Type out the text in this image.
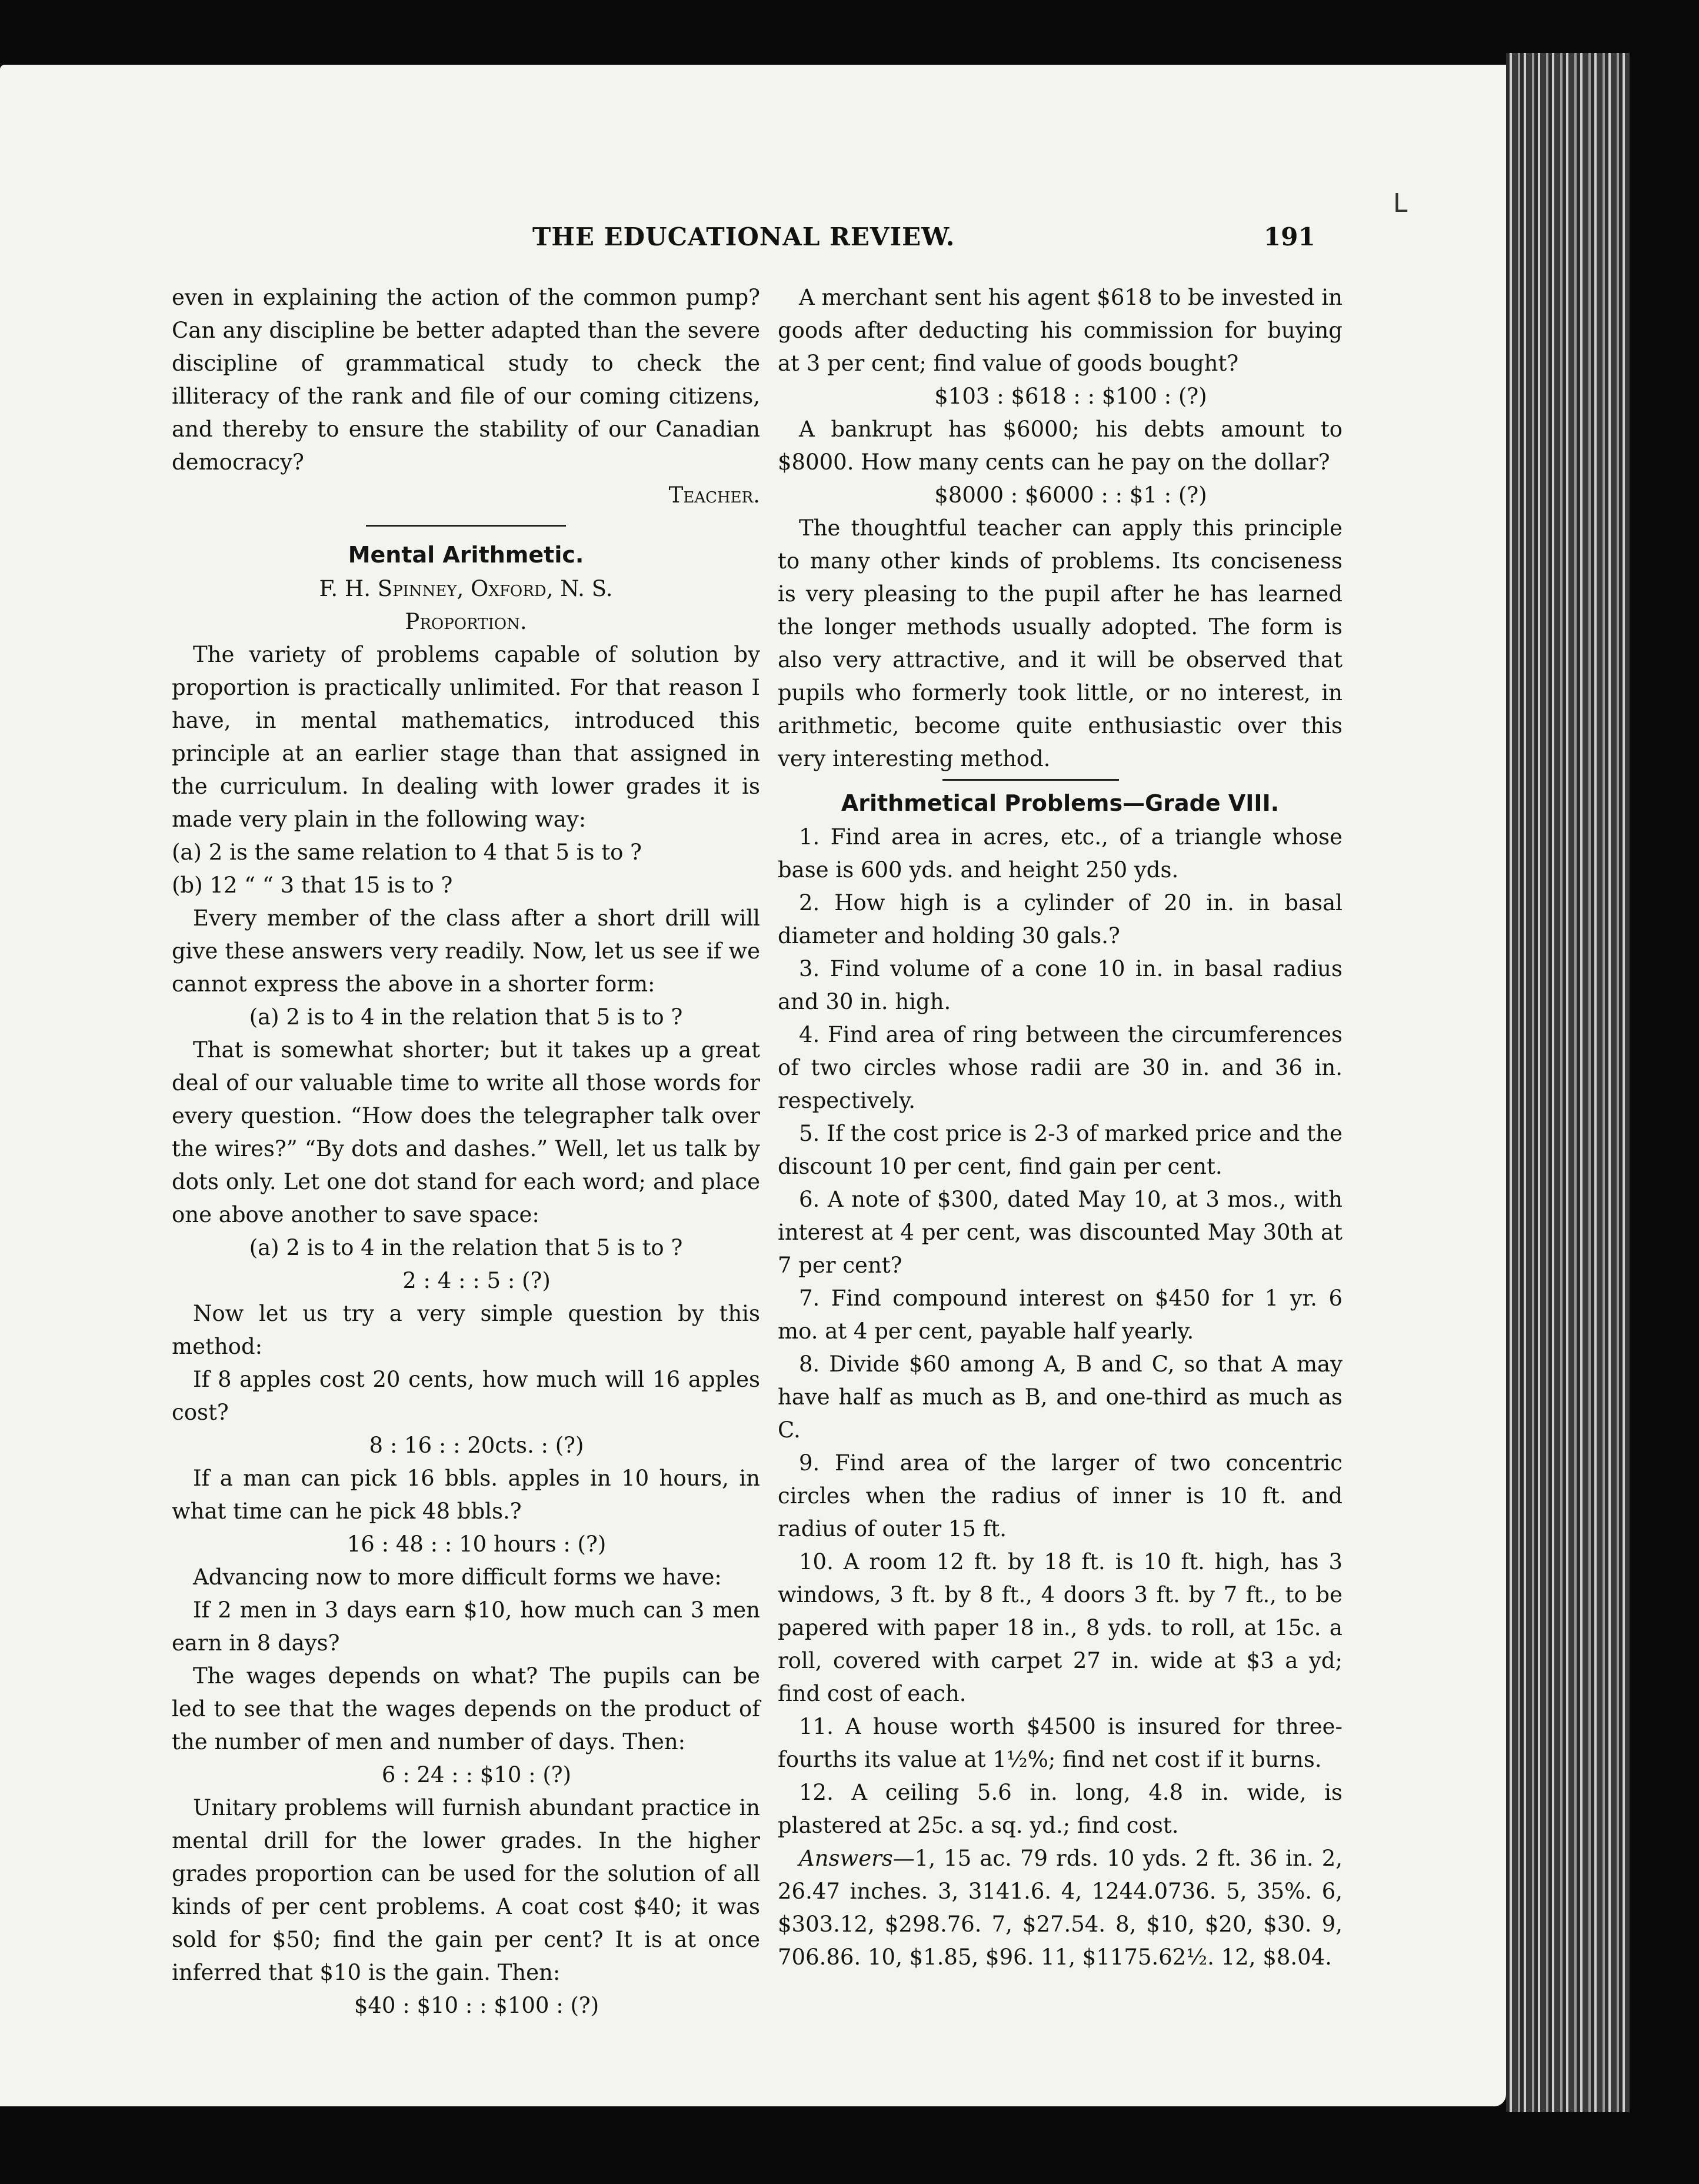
THE EDUCATIONAL REVIEW.	191
L

even in explaining the action of the common pump? Can any discipline be better adapted than the severe discipline of grammatical study to check the illiteracy of the rank and file of our coming citizens, and thereby to ensure the stability of our Canadian democracy?

Teacher.

Mental Arithmetic.

F. H. Spinney, Oxford, N. S.

Proportion.

The variety of problems capable of solution by proportion is practically unlimited. For that reason I have, in mental mathematics, introduced this principle at an earlier stage than that assigned in the curriculum. In dealing with lower grades it is made very plain in the following way:

(a) 2 is the same relation to 4 that 5 is to ?

(b) 12 “ “ 3 that 15 is to ?

Every member of the class after a short drill will give these answers very readily. Now, let us see if we cannot express the above in a shorter form:

(a) 2 is to 4 in the relation that 5 is to ?

That is somewhat shorter; but it takes up a great deal of our valuable time to write all those words for every question. “How does the telegrapher talk over the wires?” “By dots and dashes.” Well, let us talk by dots only. Let one dot stand for each word; and place one above another to save space:

(a) 2 is to 4 in the relation that 5 is to ?

2 : 4 : : 5 : (?)

Now let us try a very simple question by this method:

If 8 apples cost 20 cents, how much will 16 apples cost?

8 : 16 : : 20cts. : (?)

If a man can pick 16 bbls. apples in 10 hours, in what time can he pick 48 bbls.?

16 : 48 : : 10 hours : (?)

Advancing now to more difficult forms we have:

If 2 men in 3 days earn $10, how much can 3 men earn in 8 days?

The wages depends on what? The pupils can be led to see that the wages depends on the product of the number of men and number of days. Then:

6 : 24 : : $10 : (?)

Unitary problems will furnish abundant practice in mental drill for the lower grades. In the higher grades proportion can be used for the solution of all kinds of per cent problems. A coat cost $40; it was sold for $50; find the gain per cent? It is at once inferred that $10 is the gain. Then:

$40 : $10 : : $100 : (?)

A merchant sent his agent $618 to be invested in goods after deducting his commission for buying at 3 per cent; find value of goods bought?

$103 : $618 : : $100 : (?)

A bankrupt has $6000; his debts amount to $8000. How many cents can he pay on the dollar?

$8000 : $6000 : : $1 : (?)

The thoughtful teacher can apply this principle to many other kinds of problems. Its conciseness is very pleasing to the pupil after he has learned the longer methods usually adopted. The form is also very attractive, and it will be observed that pupils who formerly took little, or no interest, in arithmetic, become quite enthusiastic over this very interesting method.

Arithmetical Problems—Grade VIII.

1. Find area in acres, etc., of a triangle whose base is 600 yds. and height 250 yds.

2. How high is a cylinder of 20 in. in basal diameter and holding 30 gals.?

3. Find volume of a cone 10 in. in basal radius and 30 in. high.

4. Find area of ring between the circumferences of two circles whose radii are 30 in. and 36 in. respectively.

5. If the cost price is 2-3 of marked price and the discount 10 per cent, find gain per cent.

6. A note of $300, dated May 10, at 3 mos., with interest at 4 per cent, was discounted May 30th at 7 per cent?

7. Find compound interest on $450 for 1 yr. 6 mo. at 4 per cent, payable half yearly.

8. Divide $60 among A, B and C, so that A may have half as much as B, and one-third as much as C.

9. Find area of the larger of two concentric circles when the radius of inner is 10 ft. and radius of outer 15 ft.

10. A room 12 ft. by 18 ft. is 10 ft. high, has 3 windows, 3 ft. by 8 ft., 4 doors 3 ft. by 7 ft., to be papered with paper 18 in., 8 yds. to roll, at 15c. a roll, covered with carpet 27 in. wide at $3 a yd; find cost of each.

11. A house worth $4500 is insured for three-fourths its value at 1½%; find net cost if it burns.

12. A ceiling 5.6 in. long, 4.8 in. wide, is plastered at 25c. a sq. yd.; find cost.

Answers—1, 15 ac. 79 rds. 10 yds. 2 ft. 36 in. 2, 26.47 inches. 3, 3141.6. 4, 1244.0736. 5, 35%. 6, $303.12, $298.76. 7, $27.54. 8, $10, $20, $30. 9, 706.86. 10, $1.85, $96. 11, $1175.62½. 12, $8.04.
